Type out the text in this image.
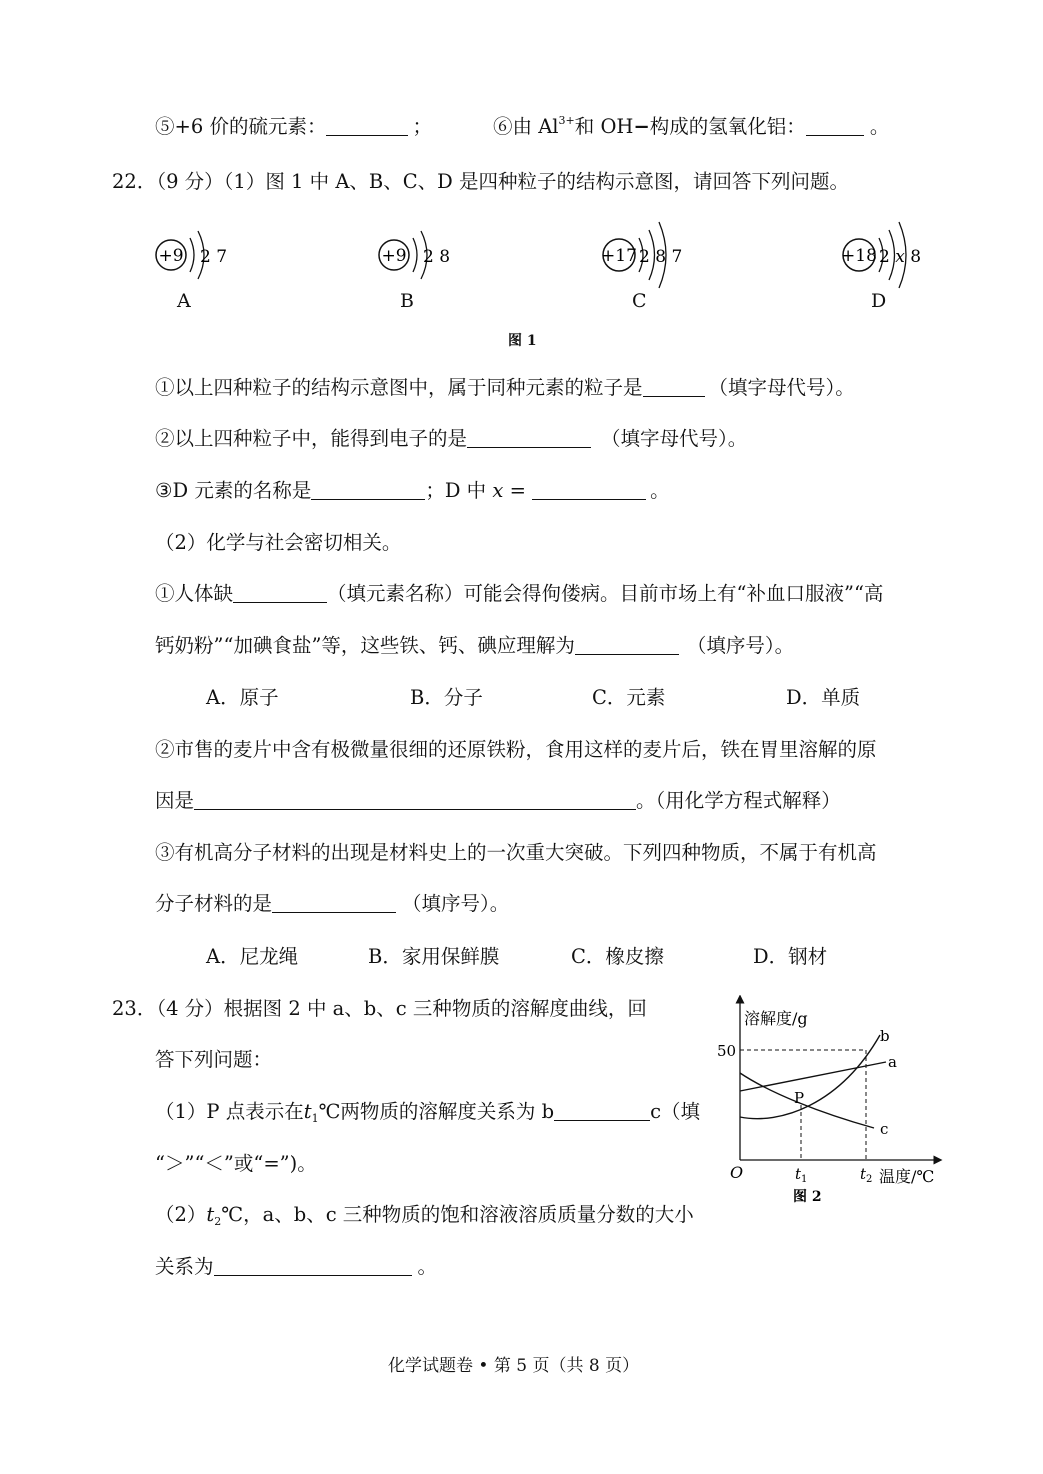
⑤+6 价的硫元素：	；	⑥由 $Al^{3+}$和 OH−构成的氢氧化铝：	。
22．（9 分）（1）图 1 中 A、B、C、D 是四种粒子的结构示意图，请回答下列问题。
+9 2 7
A
+9 2 8
B
+17 2 8 7
C
+18 2 x 8
D
图 1
①以上四种粒子的结构示意图中，属于同种元素的粒子是	（填字母代号）。
②以上四种粒子中，能得到电子的是	（填字母代号）。
③D 元素的名称是	；D 中 x =	。
（2）化学与社会密切相关。
①人体缺	（填元素名称）可能会得佝偻病。目前市场上有“补血口服液”“高
钙奶粉”“加碘食盐”等，这些铁、钙、碘应理解为	（填序号）。
A．原子	B．分子	C．元素	D．单质
②市售的麦片中含有极微量很细的还原铁粉，食用这样的麦片后，铁在胃里溶解的原
因是	。（用化学方程式解释）
③有机高分子材料的出现是材料史上的一次重大突破。下列四种物质，不属于有机高
分子材料的是	（填序号）。
A．尼龙绳	B．家用保鲜膜	C．橡皮擦	D．钢材
23．（4 分）根据图 2 中 a、b、c 三种物质的溶解度曲线，回
答下列问题：
（1）P 点表示在$t_1℃$两物质的溶解度关系为 b	c（填
“＞”“＜”或“=”)。
$(2)t_2℃$，a、b、c 三种物质的饱和溶液溶质质量分数的大小
关系为	。
溶解度/g
50
O	$t_1$	$t_2$ 温度/℃
P
a
b
c
图 2
化学试题卷 • 第 5 页（共 8 页）
